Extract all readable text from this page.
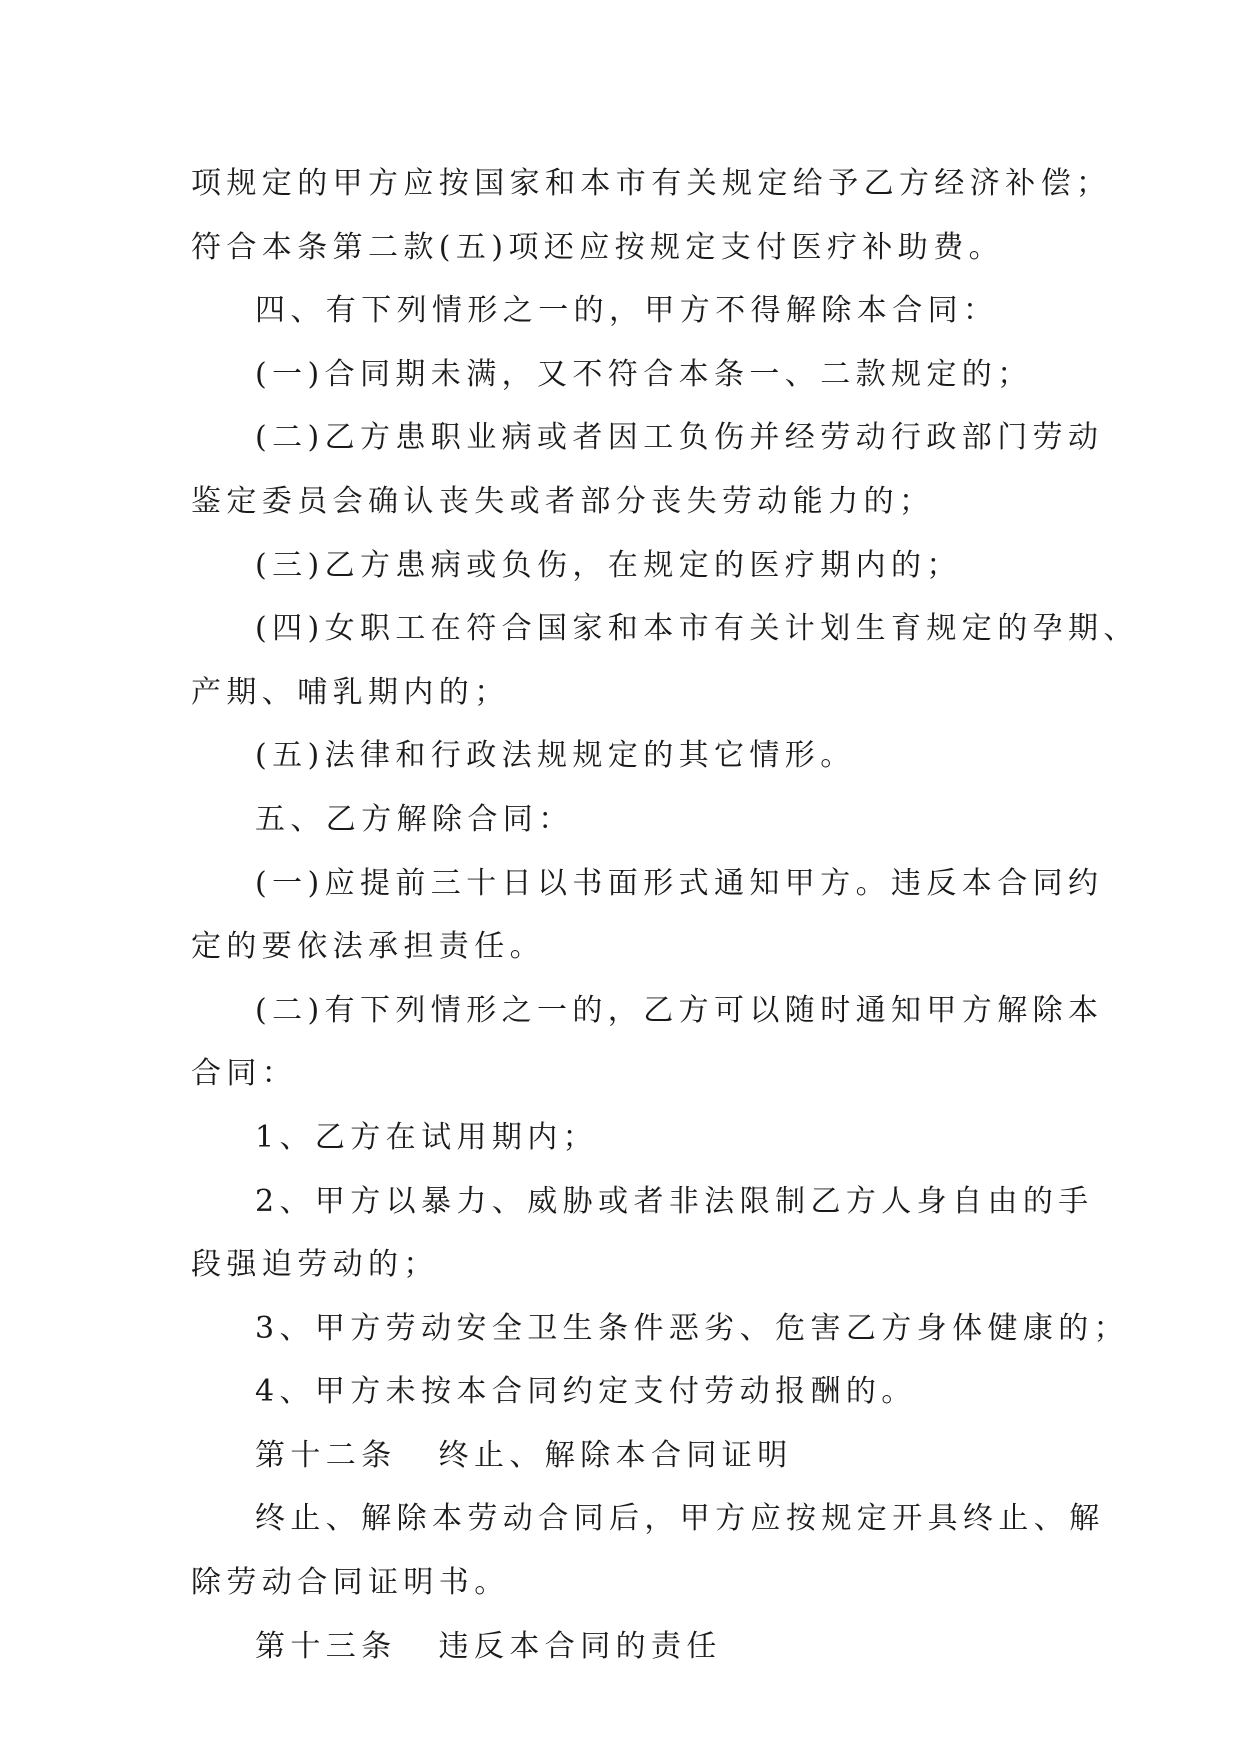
项规定的甲方应按国家和本市有关规定给予乙方经济补偿；
符合本条第二款(五)项还应按规定支付医疗补助费。
四、有下列情形之一的，甲方不得解除本合同：
(一)合同期未满，又不符合本条一、二款规定的；
(二)乙方患职业病或者因工负伤并经劳动行政部门劳动
鉴定委员会确认丧失或者部分丧失劳动能力的；
(三)乙方患病或负伤，在规定的医疗期内的；
(四)女职工在符合国家和本市有关计划生育规定的孕期、
产期、哺乳期内的；
(五)法律和行政法规规定的其它情形。
五、乙方解除合同：
(一)应提前三十日以书面形式通知甲方。违反本合同约
定的要依法承担责任。
(二)有下列情形之一的，乙方可以随时通知甲方解除本
合同：
1、乙方在试用期内；
2、甲方以暴力、威胁或者非法限制乙方人身自由的手
段强迫劳动的；
3、甲方劳动安全卫生条件恶劣、危害乙方身体健康的；
4、甲方未按本合同约定支付劳动报酬的。
第十二条 终止、解除本合同证明
终止、解除本劳动合同后，甲方应按规定开具终止、解
除劳动合同证明书。
第十三条 违反本合同的责任
